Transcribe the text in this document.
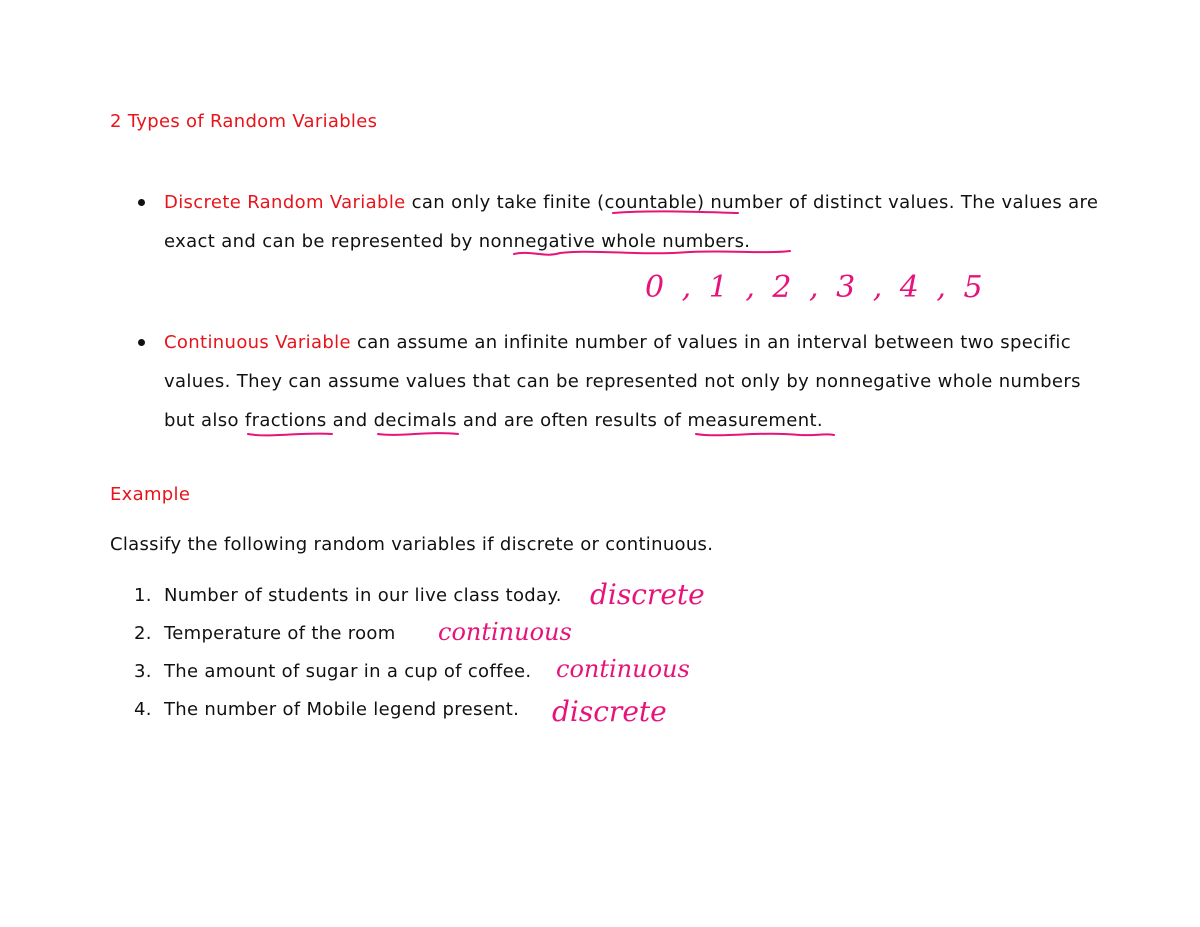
2 Types of Random Variables

Discrete Random Variable can only take finite (countable) number of distinct values. The values are exact and can be represented by nonnegative whole numbers.

0 , 1 , 2 , 3 , 4 , 5

Continuous Variable can assume an infinite number of values in an interval between two specific values. They can assume values that can be represented not only by nonnegative whole numbers but also fractions and decimals and are often results of measurement.

Example
Classify the following random variables if discrete or continuous.
1. Number of students in our live class today.
2. Temperature of the room
3. The amount of sugar in a cup of coffee.
4. The number of Mobile legend present.
discrete
continuous
continuous
discrete
